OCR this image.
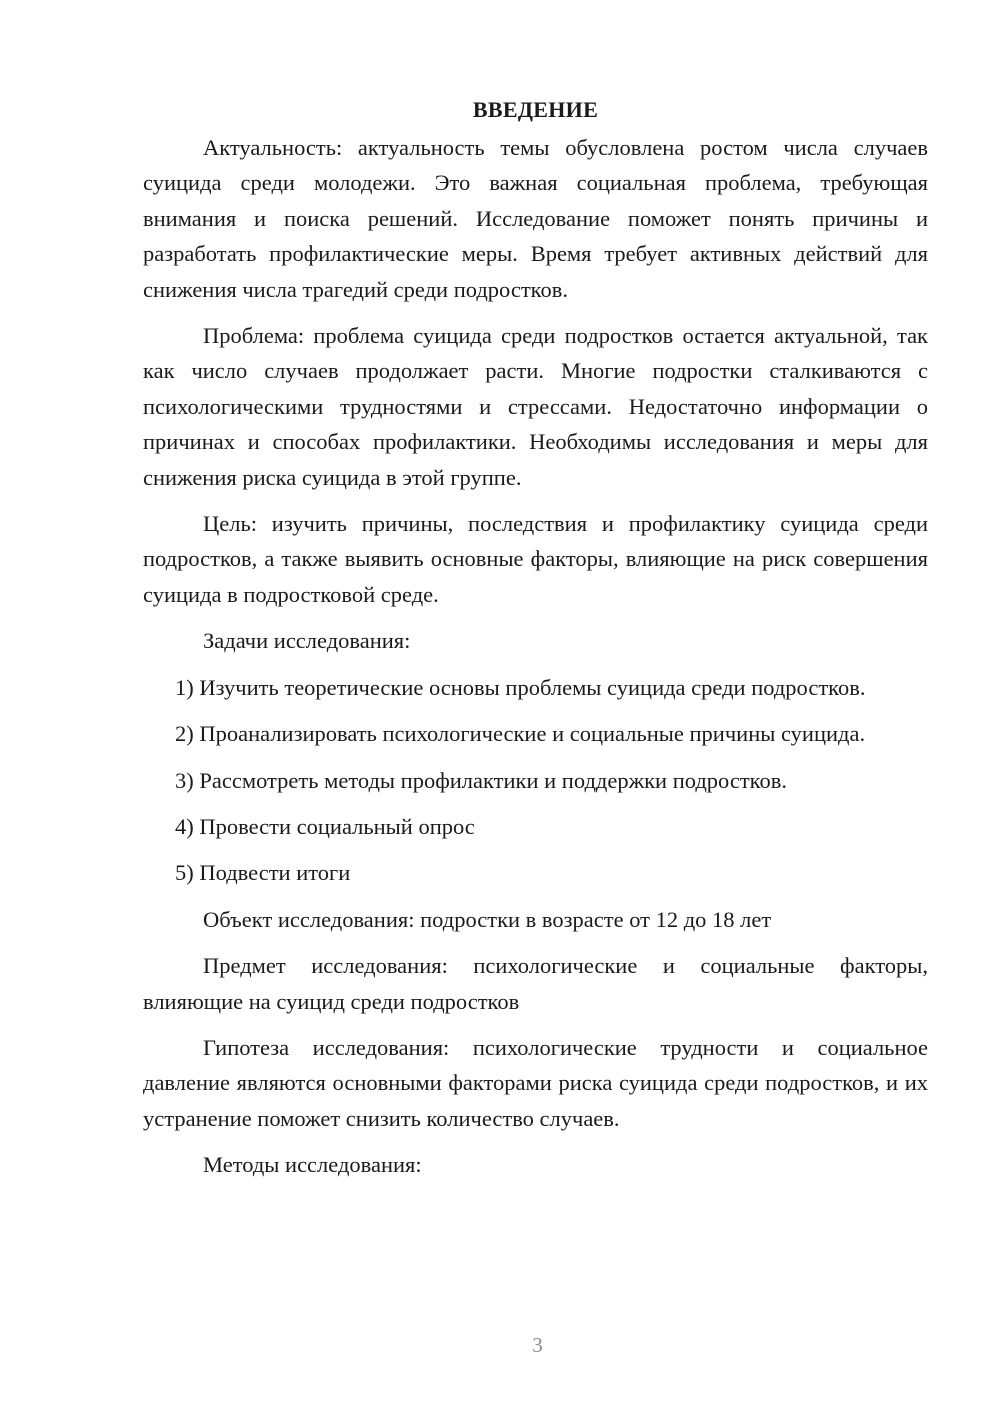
ВВЕДЕНИЕ

Актуальность: актуальность темы обусловлена ростом числа случаев суицида среди молодежи. Это важная социальная проблема, требующая внимания и поиска решений. Исследование поможет понять причины и разработать профилактические меры. Время требует активных действий для снижения числа трагедий среди подростков.

Проблема: проблема суицида среди подростков остается актуальной, так как число случаев продолжает расти. Многие подростки сталкиваются с психологическими трудностями и стрессами. Недостаточно информации о причинах и способах профилактики. Необходимы исследования и меры для снижения риска суицида в этой группе.

Цель: изучить причины, последствия и профилактику суицида среди подростков, а также выявить основные факторы, влияющие на риск совершения суицида в подростковой среде.

Задачи исследования:

1) Изучить теоретические основы проблемы суицида среди подростков.

2) Проанализировать психологические и социальные причины суицида.

3) Рассмотреть методы профилактики и поддержки подростков.

4) Провести социальный опрос

5) Подвести итоги

Объект исследования: подростки в возрасте от 12 до 18 лет

Предмет исследования: психологические и социальные факторы, влияющие на суицид среди подростков

Гипотеза исследования: психологические трудности и социальное давление являются основными факторами риска суицида среди подростков, и их устранение поможет снизить количество случаев.

Методы исследования:

3
